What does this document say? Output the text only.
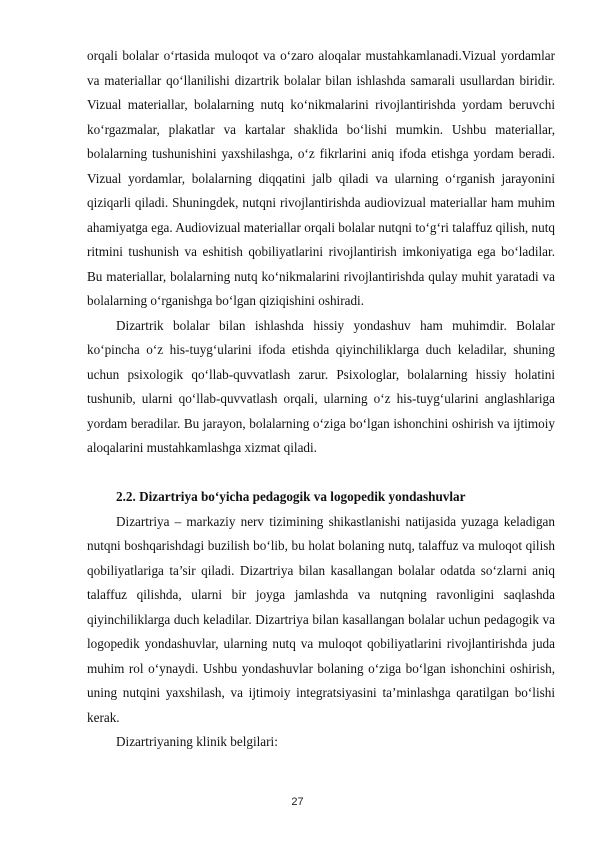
orqali bolalar o‘rtasida muloqot va o‘zaro aloqalar mustahkamlanadi.Vizual yordamlar va materiallar qo‘llanilishi dizartrik bolalar bilan ishlashda samarali usullardan biridir. Vizual materiallar, bolalarning nutq ko‘nikmalarini rivojlantirishda yordam beruvchi ko‘rgazmalar, plakatlar va kartalar shaklida bo‘lishi mumkin. Ushbu materiallar, bolalarning tushunishini yaxshilashga, o‘z fikrlarini aniq ifoda etishga yordam beradi. Vizual yordamlar, bolalarning diqqatini jalb qiladi va ularning o‘rganish jarayonini qiziqarli qiladi. Shuningdek, nutqni rivojlantirishda audiovizual materiallar ham muhim ahamiyatga ega. Audiovizual materiallar orqali bolalar nutqni to‘g‘ri talaffuz qilish, nutq ritmini tushunish va eshitish qobiliyatlarini rivojlantirish imkoniyatiga ega bo‘ladilar. Bu materiallar, bolalarning nutq ko‘nikmalarini rivojlantirishda qulay muhit yaratadi va bolalarning o‘rganishga bo‘lgan qiziqishini oshiradi.

Dizartrik bolalar bilan ishlashda hissiy yondashuv ham muhimdir. Bolalar ko‘pincha o‘z his-tuyg‘ularini ifoda etishda qiyinchiliklarga duch keladilar, shuning uchun psixologik qo‘llab-quvvatlash zarur. Psixologlar, bolalarning hissiy holatini tushunib, ularni qo‘llab-quvvatlash orqali, ularning o‘z his-tuyg‘ularini anglashlariga yordam beradilar. Bu jarayon, bolalarning o‘ziga bo‘lgan ishonchini oshirish va ijtimoiy aloqalarini mustahkamlashga xizmat qiladi.

2.2. Dizartriya bo‘yicha pedagogik va logopedik yondashuvlar

Dizartriya – markaziy nerv tizimining shikastlanishi natijasida yuzaga keladigan nutqni boshqarishdagi buzilish bo‘lib, bu holat bolaning nutq, talaffuz va muloqot qilish qobiliyatlariga ta’sir qiladi. Dizartriya bilan kasallangan bolalar odatda so‘zlarni aniq talaffuz qilishda, ularni bir joyga jamlashda va nutqning ravonligini saqlashda qiyinchiliklarga duch keladilar. Dizartriya bilan kasallangan bolalar uchun pedagogik va logopedik yondashuvlar, ularning nutq va muloqot qobiliyatlarini rivojlantirishda juda muhim rol o‘ynaydi. Ushbu yondashuvlar bolaning o‘ziga bo‘lgan ishonchini oshirish, uning nutqini yaxshilash, va ijtimoiy integratsiyasini ta’minlashga qaratilgan bo‘lishi kerak.

Dizartriyaning klinik belgilari:

27
